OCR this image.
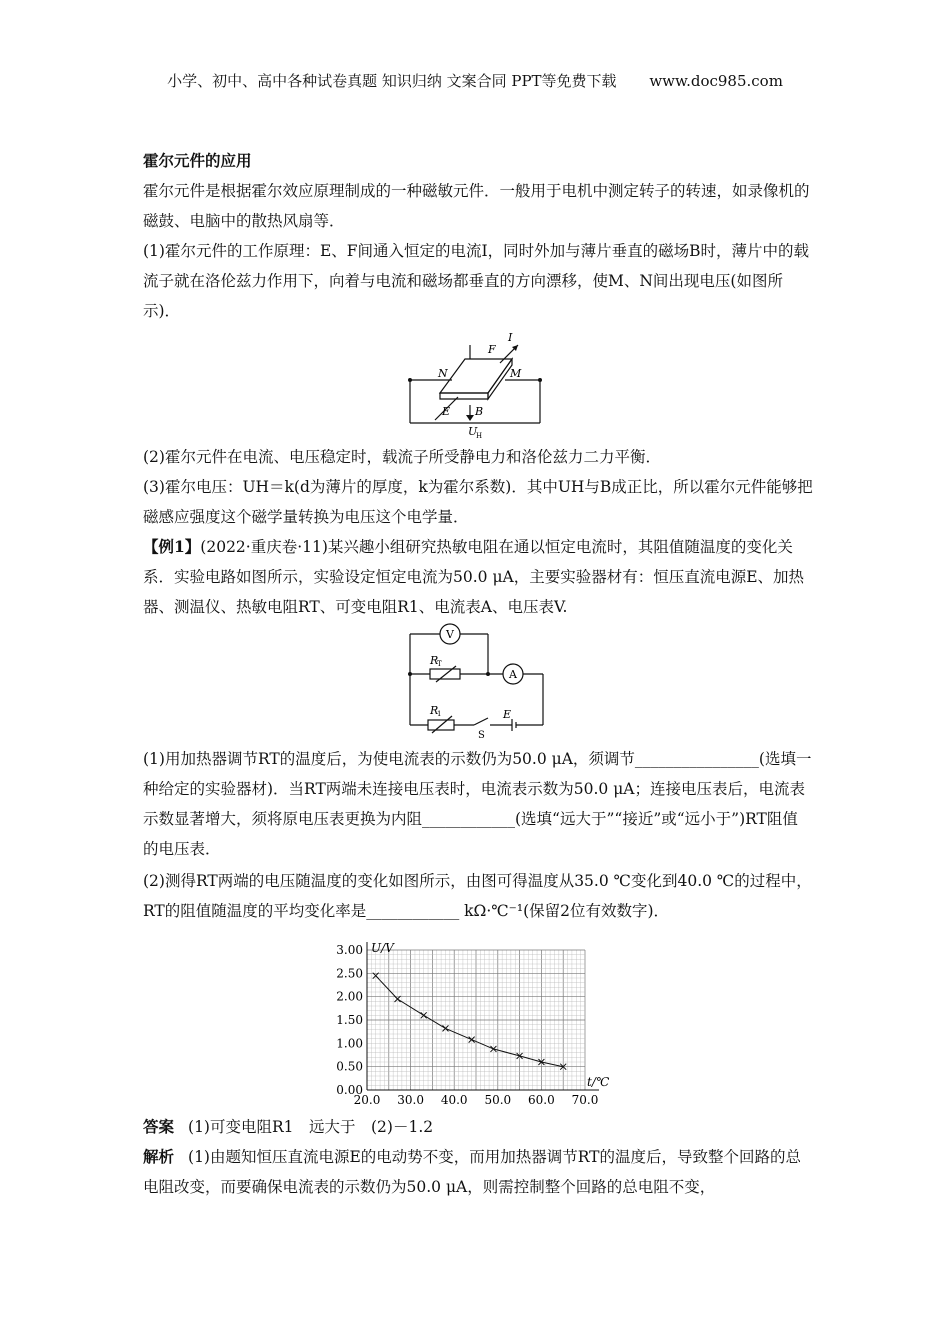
小学、初中、高中各种试卷真题 知识归纳 文案合同 PPT等免费下载 www.doc985.com
霍尔元件的应用
霍尔元件是根据霍尔效应原理制成的一种磁敏元件．一般用于电机中测定转子的转速，如录像机的磁鼓、电脑中的散热风扇等．
(1)霍尔元件的工作原理：E、F间通入恒定的电流I，同时外加与薄片垂直的磁场B时，薄片中的载流子就在洛伦兹力作用下，向着与电流和磁场都垂直的方向漂移，使M、N间出现电压(如图所示)．
I
F
N	M
E B
U
H
(2)霍尔元件在电流、电压稳定时，载流子所受静电力和洛伦兹力二力平衡．
(3)霍尔电压：UH＝k(d为薄片的厚度，k为霍尔系数)．其中UH与B成正比，所以霍尔元件能够把磁感应强度这个磁学量转换为电压这个电学量．
【例1】(2022·重庆卷·11)某兴趣小组研究热敏电阻在通以恒定电流时，其阻值随温度的变化关系．实验电路如图所示，实验设定恒定电流为50.0 μA，主要实验器材有：恒压直流电源E、加热器、测温仪、热敏电阻RT、可变电阻R1、电流表A、电压表V.
V
A
R
T
R
1
S
E
(1)用加热器调节RT的温度后，为使电流表的示数仍为50.0 μA，须调节________________(选填一种给定的实验器材)．当RT两端未连接电压表时，电流表示数为50.0 μA；连接电压表后，电流表示数显著增大，须将原电压表更换为内阻____________(选填“远大于”“接近”或“远小于”)RT阻值的电压表．
(2)测得RT两端的电压随温度的变化如图所示，由图可得温度从35.0 ℃变化到40.0 ℃的过程中，RT的阻值随温度的平均变化率是____________ kΩ·℃⁻¹(保留2位有效数字)．
20.0 30.0 40.0 50.0 60.0 70.0
0.00
0.50
1.00
1.50
2.00
2.50
3.00
t/℃
U/V
答案 (1)可变电阻R1　远大于　(2)－1.2
解析 (1)由题知恒压直流电源E的电动势不变，而用加热器调节RT的温度后，导致整个回路的总电阻改变，而要确保电流表的示数仍为50.0 μA，则需控制整个回路的总电阻不变，
